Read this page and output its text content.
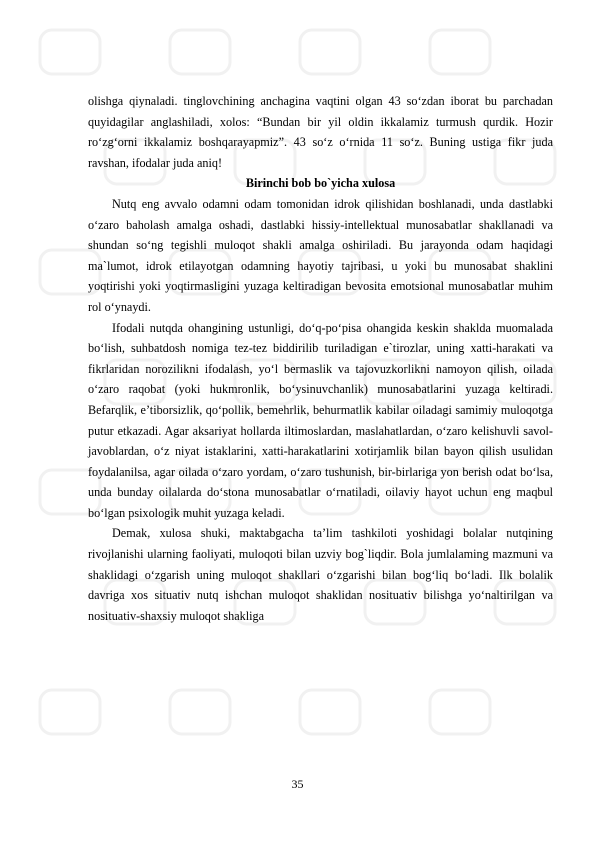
olishga qiynaladi. tinglovchining anchagina vaqtini olgan 43 so‘zdan iborat bu parchadan quyidagilar anglashiladi, xolos: “Bundan bir yil oldin ikkalamiz turmush qurdik. Hozir ro‘zg‘orni ikkalamiz boshqarayapmiz”. 43 so‘z o‘rnida 11 so‘z. Buning ustiga fikr juda ravshan, ifodalar juda aniq!

Birinchi bob bo`yicha xulosa

Nutq eng avvalo odamni odam tomonidan idrok qilishidan boshlanadi, unda dastlabki o‘zaro baholash amalga oshadi, dastlabki hissiy-intellektual munosabatlar shakllanadi va shundan so‘ng tegishli muloqot shakli amalga oshiriladi. Bu jarayonda odam haqidagi ma`lumot, idrok etilayotgan odamning hayotiy tajribasi, u yoki bu munosabat shaklini yoqtirishi yoki yoqtirmasligini yuzaga keltiradigan bevosita emotsional munosabatlar muhim rol o‘ynaydi.

Ifodali nutqda ohangining ustunligi, do‘q-po‘pisa ohangida keskin shaklda muomalada bo‘lish, suhbatdosh nomiga tez-tez biddirilib turiladigan e`tirozlar, uning xatti-harakati va fikrlaridan norozilikni ifodalash, yo‘l bermaslik va tajovuzkorlikni namoyon qilish, oilada o‘zaro raqobat (yoki hukmronlik, bo‘ysinuvchanlik) munosabatlarini yuzaga keltiradi. Befarqlik, e’tiborsizlik, qo‘pollik, bemehrlik, behurmatlik kabilar oiladagi samimiy muloqotga putur etkazadi. Agar aksariyat hollarda iltimoslardan, maslahatlardan, o‘zaro kelishuvli savol-javoblardan, o‘z niyat istaklarini, xatti-harakatlarini xotirjamlik bilan bayon qilish usulidan foydalanilsa, agar oilada o‘zaro yordam, o‘zaro tushunish, bir-birlariga yon berish odat bo‘lsa, unda bunday oilalarda do‘stona munosabatlar o‘rnatiladi, oilaviy hayot uchun eng maqbul bo‘lgan psixologik muhit yuzaga keladi.

Demak, xulosa shuki, maktabgacha ta’lim tashkiloti yoshidagi bolalar nutqining rivojlanishi ularning faoliyati, muloqoti bilan uzviy bog`liqdir. Bola jumlalaming mazmuni va shaklidagi o‘zgarish uning muloqot shakllari o‘zgarishi bilan bog‘liq bo‘ladi. Ilk bolalik davriga xos situativ nutq ishchan muloqot shaklidan nosituativ bilishga yo‘naltirilgan va nosituativ-shaxsiy muloqot shakliga

35
